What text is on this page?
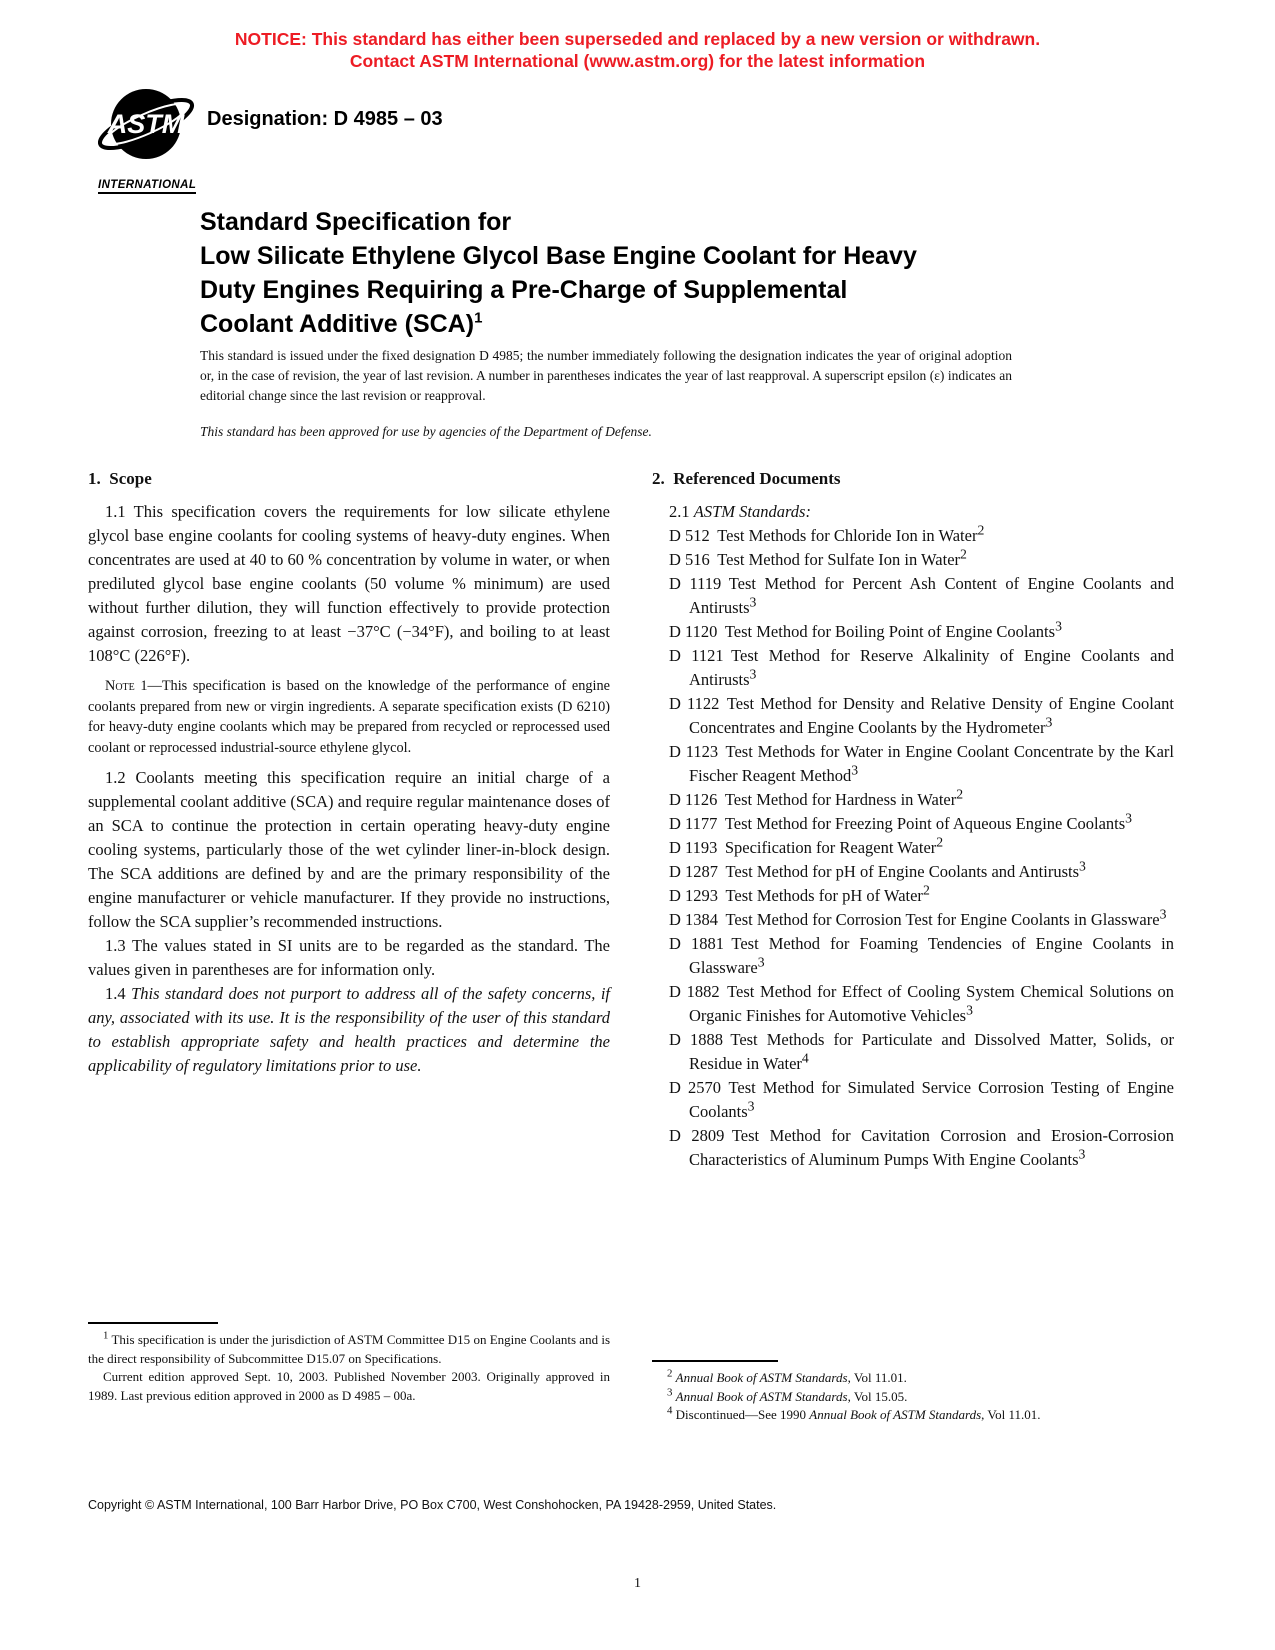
NOTICE: This standard has either been superseded and replaced by a new version or withdrawn.
Contact ASTM International (www.astm.org) for the latest information
ASTM
INTERNATIONAL
Designation: D 4985 – 03
Standard Specification for
Low Silicate Ethylene Glycol Base Engine Coolant for Heavy
Duty Engines Requiring a Pre-Charge of Supplemental
Coolant Additive (SCA)$^1$
This standard is issued under the fixed designation D 4985; the number immediately following the designation indicates the year of original adoption or, in the case of revision, the year of last revision. A number in parentheses indicates the year of last reapproval. A superscript epsilon (ε) indicates an editorial change since the last revision or reapproval.
This standard has been approved for use by agencies of the Department of Defense.
1.  Scope

1.1 This specification covers the requirements for low silicate ethylene glycol base engine coolants for cooling systems of heavy-duty engines. When concentrates are used at 40 to 60 % concentration by volume in water, or when prediluted glycol base engine coolants (50 volume % minimum) are used without further dilution, they will function effectively to provide protection against corrosion, freezing to at least −37°C (−34°F), and boiling to at least 108°C (226°F).

Note 1—This specification is based on the knowledge of the performance of engine coolants prepared from new or virgin ingredients. A separate specification exists (D 6210) for heavy-duty engine coolants which may be prepared from recycled or reprocessed used coolant or reprocessed industrial-source ethylene glycol.

1.2 Coolants meeting this specification require an initial charge of a supplemental coolant additive (SCA) and require regular maintenance doses of an SCA to continue the protection in certain operating heavy-duty engine cooling systems, particularly those of the wet cylinder liner-in-block design. The SCA additions are defined by and are the primary responsibility of the engine manufacturer or vehicle manufacturer. If they provide no instructions, follow the SCA supplier’s recommended instructions.

1.3 The values stated in SI units are to be regarded as the standard. The values given in parentheses are for information only.

1.4 This standard does not purport to address all of the safety concerns, if any, associated with its use. It is the responsibility of the user of this standard to establish appropriate safety and health practices and determine the applicability of regulatory limitations prior to use.

2.  Referenced Documents

2.1 ASTM Standards:

D 512 Test Methods for Chloride Ion in Water$^2$

D 516 Test Method for Sulfate Ion in Water$^2$

D 1119 Test Method for Percent Ash Content of Engine Coolants and Antirusts$^3$

D 1120 Test Method for Boiling Point of Engine Coolants$^3$

D 1121 Test Method for Reserve Alkalinity of Engine Coolants and Antirusts$^3$

D 1122 Test Method for Density and Relative Density of Engine Coolant Concentrates and Engine Coolants by the Hydrometer$^3$

D 1123 Test Methods for Water in Engine Coolant Concentrate by the Karl Fischer Reagent Method$^3$

D 1126 Test Method for Hardness in Water$^2$

D 1177 Test Method for Freezing Point of Aqueous Engine Coolants$^3$

D 1193 Specification for Reagent Water$^2$

D 1287 Test Method for pH of Engine Coolants and Antirusts$^3$

D 1293 Test Methods for pH of Water$^2$

D 1384 Test Method for Corrosion Test for Engine Coolants in Glassware$^3$

D 1881 Test Method for Foaming Tendencies of Engine Coolants in Glassware$^3$

D 1882 Test Method for Effect of Cooling System Chemical Solutions on Organic Finishes for Automotive Vehicles$^3$

D 1888 Test Methods for Particulate and Dissolved Matter, Solids, or Residue in Water$^4$

D 2570 Test Method for Simulated Service Corrosion Testing of Engine Coolants$^3$

D 2809 Test Method for Cavitation Corrosion and Erosion-Corrosion Characteristics of Aluminum Pumps With Engine Coolants$^3$

$^1$ This specification is under the jurisdiction of ASTM Committee D15 on Engine Coolants and is the direct responsibility of Subcommittee D15.07 on Specifications.

Current edition approved Sept. 10, 2003. Published November 2003. Originally approved in 1989. Last previous edition approved in 2000 as D 4985 – 00a.

$^2$ Annual Book of ASTM Standards, Vol 11.01.

$^3$ Annual Book of ASTM Standards, Vol 15.05.

$^4$ Discontinued—See 1990 Annual Book of ASTM Standards, Vol 11.01.

Copyright © ASTM International, 100 Barr Harbor Drive, PO Box C700, West Conshohocken, PA 19428-2959, United States.
1
